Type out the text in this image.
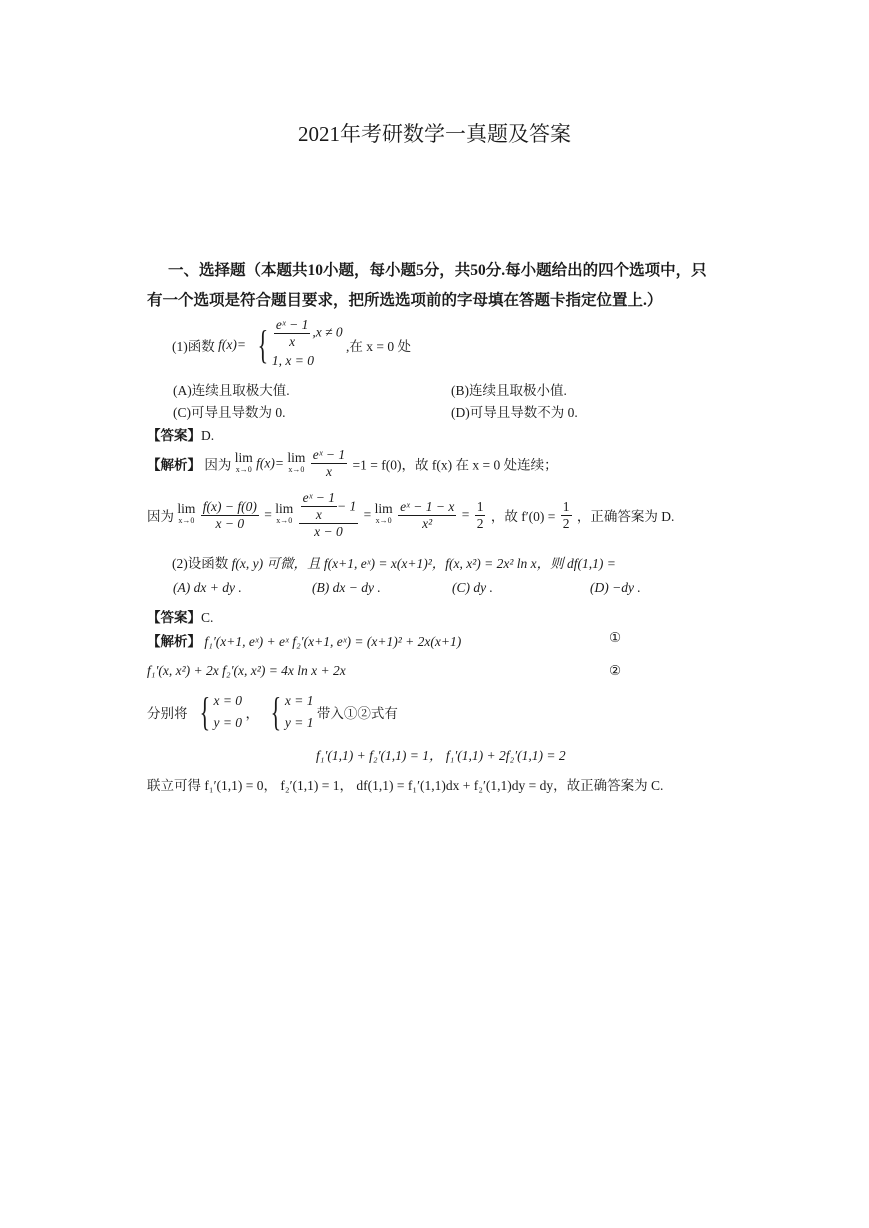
2021年考研数学一真题及答案
一、选择题（本题共10小题，每小题5分，共50分.每小题给出的四个选项中，只
有一个选项是符合题目要求，把所选选项前的字母填在答题卡指定位置上.）
(1)函数 f(x)= { $\frac{\text{eˣ − 1}}{x} ,x \ne 0$
1, x = 0
,在 x = 0 处
(A)连续且取极大值.	(B)连续且取极小值.
(C)可导且导数为 0.	(D)可导且导数不为 0.
【答案】D.
【解析】 因为 lim
x→0 f(x)= lim
x→0
$\frac{\text{eˣ − 1}}{x} =1 = f(0)$，故 f(x) 在 x = 0 处连续；
因为 lim
x→0
$\frac{f(x) - f(0)}{x - 0} = \lim$
x→0
$\frac{\frac{\text{eˣ − 1}}{x} - 1}{x - 0} = \lim$
x→0
$\frac{\text{eˣ − 1 − x}}{\text{x²}} = \frac{1}{2}$ ，故 $f'(0) = \frac{1}{2}$ ，正确答案为 D.
(2)设函数 f(x, y) 可微，且 f(x+1, eˣ) = x(x+1)²，f(x, x²) = 2x² ln x，则 df(1,1) =
(A) dx + dy .	(B) dx − dy .	(C) dy .	(D) −dy .
【答案】C.
【解析】 f₁′(x+1, eˣ) + eˣ f₂′(x+1, eˣ) = (x+1)² + 2x(x+1)	①
f₁′(x, x²) + 2x f₂′(x, x²) = 4x ln x + 2x	②
分别将 { x = 0
y = 0
， { x = 1
y = 1
带入①②式有
f₁′(1,1) + f₂′(1,1) = 1， f₁′(1,1) + 2f₂′(1,1) = 2
联立可得 f₁′(1,1) = 0， f₂′(1,1) = 1， df(1,1) = f₁′(1,1)dx + f₂′(1,1)dy = dy，故正确答案为 C.
